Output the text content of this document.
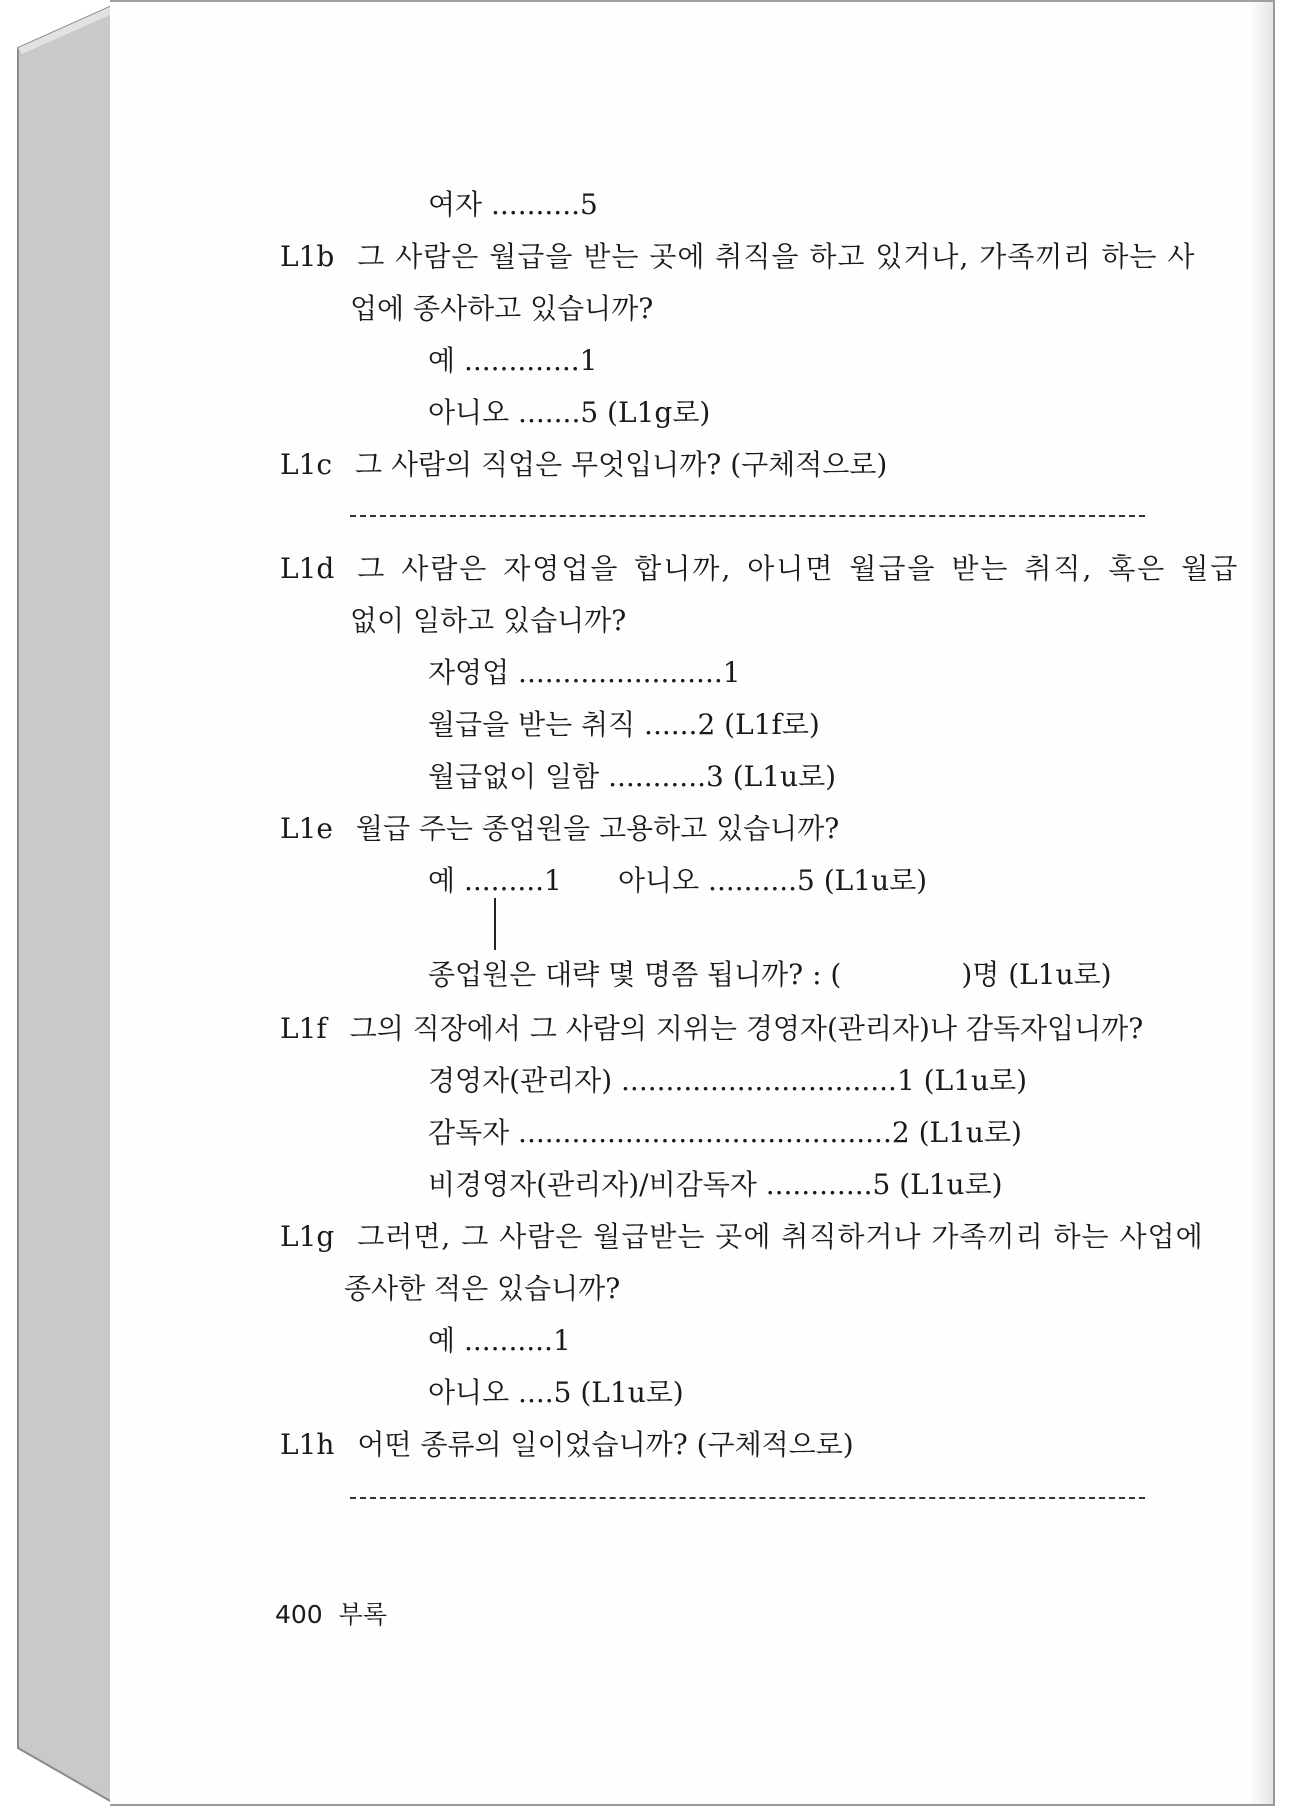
여자 ..........5
L1b 그 사람은 월급을 받는 곳에 취직을 하고 있거나, 가족끼리 하는 사
업에 종사하고 있습니까?
예 .............1
아니오 .......5 (L1g로)
L1c 그 사람의 직업은 무엇입니까? (구체적으로)
L1d 그 사람은 자영업을 합니까, 아니면 월급을 받는 취직, 혹은 월급
없이 일하고 있습니까?
자영업 .......................1
월급을 받는 취직 ......2 (L1f로)
월급없이 일함 ...........3 (L1u로)
L1e 월급 주는 종업원을 고용하고 있습니까?
예 .........1 아니오 ..........5 (L1u로)
종업원은 대략 몇 명쯤 됩니까? : (	)명 (L1u로)
L1f 그의 직장에서 그 사람의 지위는 경영자(관리자)나 감독자입니까?
경영자(관리자) ...............................1 (L1u로)
감독자 ..........................................2 (L1u로)
비경영자(관리자)/비감독자 ............5 (L1u로)
L1g 그러면, 그 사람은 월급받는 곳에 취직하거나 가족끼리 하는 사업에
종사한 적은 있습니까?
예 ..........1
아니오 ....5 (L1u로)
L1h 어떤 종류의 일이었습니까? (구체적으로)
400 부록
